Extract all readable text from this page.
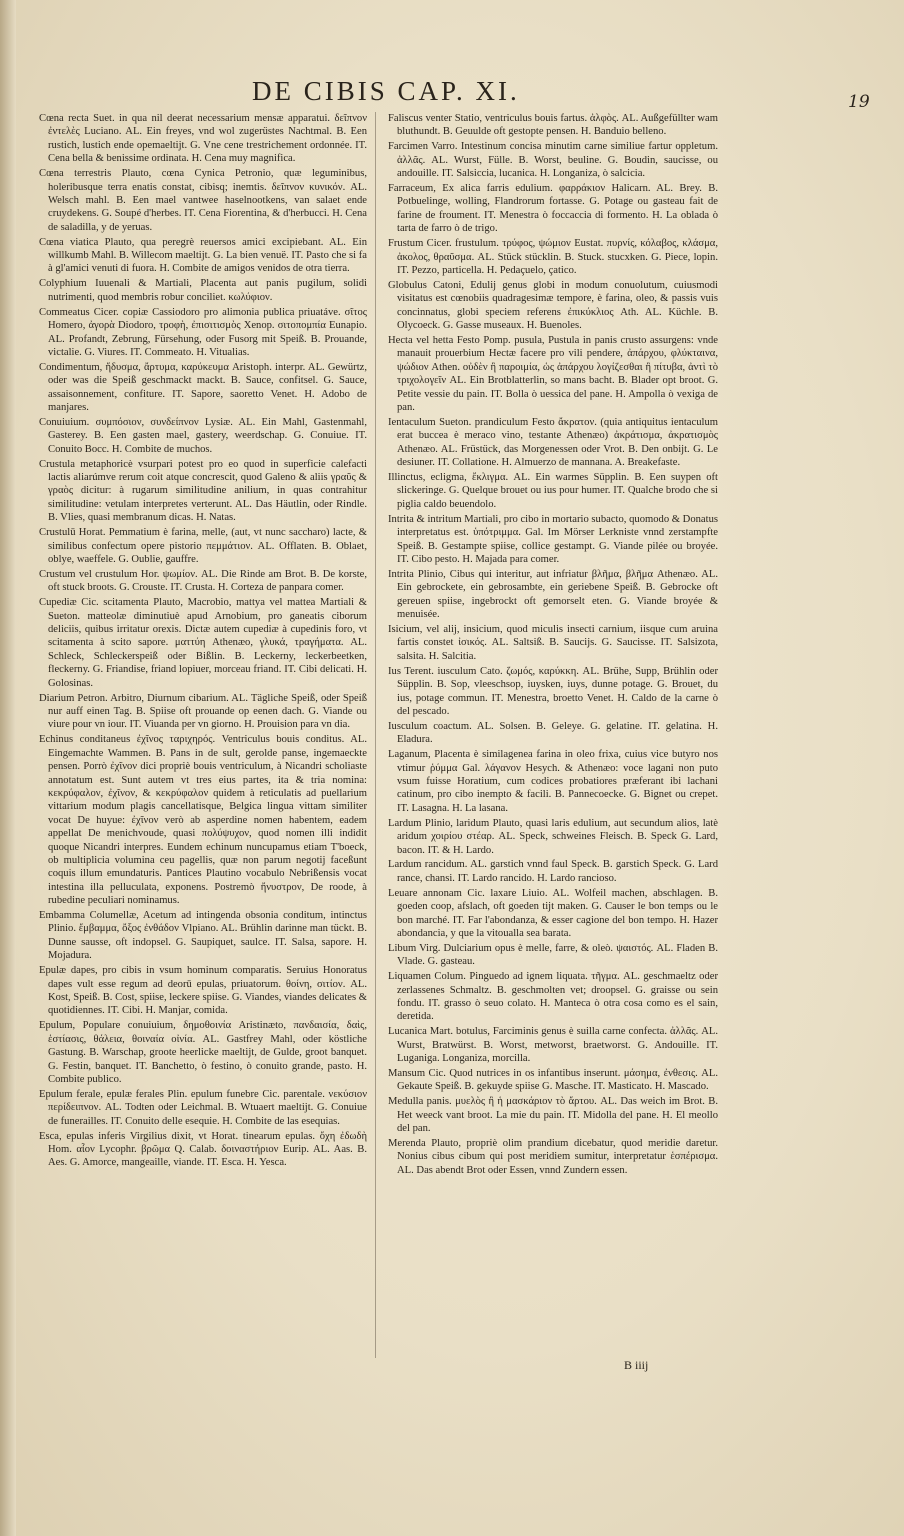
DE CIBIS CAP. XI.	19

Cœna recta Suet. in qua nil deerat necessarium mensæ apparatui. δεῖπνον ἐντελὲς Luciano. AL. Ein freyes, vnd wol zugerüstes Nachtmal. B. Een rustich, lustich ende opemaeltijt. G. Vne cene trestrichement ordonnée. IT. Cena bella & benissime ordinata. H. Cena muy magnifica.

Cœna terrestris Plauto, cœna Cynica Petronio, quæ leguminibus, holeribusque terra enatis constat, cibisq; inemtis. δεῖπνον κυνικόν. AL. Welsch mahl. B. Een mael vantwee haselnootkens, van salaet ende cruydekens. G. Soupé d'herbes. IT. Cena Fiorentina, & d'herbucci. H. Cena de saladilla, y de yeruas.

Cœna viatica Plauto, qua peregrè reuersos amici excipiebant. AL. Ein willkumb Mahl. B. Willecom maeltijt. G. La bien venuë. IT. Pasto che si fa à gl'amici venuti di fuora. H. Combite de amigos venidos de otra tierra.

Colyphium Iuuenali & Martiali, Placenta aut panis pugilum, solidi nutrimenti, quod membris robur conciliet. κωλύφιον.

Commeatus Cicer. copiæ Cassiodoro pro alimonia publica priuatáve. σῖτος Homero, ἀγορὰ Diodoro, τροφὴ, ἐπισιτισμὸς Xenop. σιτοπομπία Eunapio. AL. Profandt, Zebrung, Fürsehung, oder Fusorg mit Speiß. B. Prouande, victalie. G. Viures. IT. Commeato. H. Vitualias.

Condimentum, ἥδυσμα, ἄρτυμα, καρύκευμα Aristoph. interpr. AL. Gewürtz, oder was die Speiß geschmackt mackt. B. Sauce, confitsel. G. Sauce, assaisonnement, confiture. IT. Sapore, saoretto Venet. H. Adobo de manjares.

Conuiuium. συμπόσιον, συνδείπνον Lysiæ. AL. Ein Mahl, Gastenmahl, Gasterey. B. Een gasten mael, gastery, weerdschap. G. Conuiue. IT. Conuito Bocc. H. Combite de muchos.

Crustula metaphoricè vsurpari potest pro eo quod in superficie calefacti lactis aliarúmve rerum coit atque concrescit, quod Galeno & aliis γραῦς & γραὸς dicitur: à rugarum similitudine anilium, in quas contrahitur similitudine: vetulam interpretes verterunt. AL. Das Häutlin, oder Rindle. B. Vlies, quasi membranum dicas. H. Natas.

Crustulū Horat. Pemmatium è farina, melle, (aut, vt nunc saccharo) lacte, & similibus confectum opere pistorio πεμμάτιον. AL. Offlaten. B. Oblaet, oblye, waeffele. G. Oublie, gauffre.

Crustum vel crustulum Hor. ψωμίον. AL. Die Rinde am Brot. B. De korste, oft stuck broots. G. Crouste. IT. Crusta. H. Corteza de panpara comer.

Cupediæ Cic. scitamenta Plauto, Macrobio, mattya vel mattea Martiali & Sueton. matteolæ diminutiuè apud Arnobium, pro ganeatis ciborum deliciis, quibus irritatur orexis. Dictæ autem cupediæ à cupedinis foro, vt scitamenta à scito sapore. ματτύη Athenæo, γλυκά, τραγήματα. AL. Schleck, Schleckerspeiß oder Bißlin. B. Leckerny, leckerbeetken, fleckerny. G. Friandise, friand lopiuer, morceau friand. IT. Cibi delicati. H. Golosinas.

Diarium Petron. Arbitro, Diurnum cibarium. AL. Tägliche Speiß, oder Speiß nur auff einen Tag. B. Spiise oft prouande op eenen dach. G. Viande ou viure pour vn iour. IT. Viuanda per vn giorno. H. Prouision para vn dia.

Echinus conditaneus ἐχῖνος ταριχηρός. Ventriculus bouis conditus. AL. Eingemachte Wammen. B. Pans in de sult, gerolde panse, ingemaeckte pensen. Porrò ἐχῖνον dici propriè bouis ventriculum, à Nicandri scholiaste annotatum est. Sunt autem vt tres eius partes, ita & tria nomina: κεκρύφαλον, ἐχῖνον, & κεκρύφαλον quidem à reticulatis ad puellarium vittarium modum plagis cancellatisque, Belgica lingua vittam similiter vocat De huyue: ἐχῖνον verò ab asperdine nomen habentem, eadem appellat De menichvoude, quasi πολύψυχον, quod nomen illi indidit quoque Nicandri interpres. Eundem echinum nuncupamus etiam T'boeck, ob multiplicia volumina ceu pagellis, quæ non parum negotij faceßunt coquis illum emundaturis. Pantices Plautino vocabulo Nebrißensis vocat intestina illa pelluculata, exponens. Postremò ἤνυστρον, De roode, à rubedine peculiari nominamus.

Embamma Columellæ, Acetum ad intingenda obsonia conditum, intinctus Plinio. ἔμβαμμα, ὄξος ἐνθάδον Vlpiano. AL. Brühlin darinne man tückt. B. Dunne sausse, oft indopsel. G. Saupiquet, saulce. IT. Salsa, sapore. H. Mojadura.

Epulæ dapes, pro cibis in vsum hominum comparatis. Seruius Honoratus dapes vult esse regum ad deorū epulas, priuatorum. θοίνη, σιτίον. AL. Kost, Speiß. B. Cost, spiise, leckere spiise. G. Viandes, viandes delicates & quotidiennes. IT. Cibi. H. Manjar, comida.

Epulum, Populare conuiuium, δημοθοινία Aristinæto, πανδαισία, δαὶς, ἑστίασις, θάλεια, θοιναία οἰνία. AL. Gastfrey Mahl, oder köstliche Gastung. B. Warschap, groote heerlicke maeltijt, de Gulde, groot banquet. G. Festin, banquet. IT. Banchetto, ò festino, ò conuito grande, pasto. H. Combite publico.

Epulum ferale, epulæ ferales Plin. epulum funebre Cic. parentale. νεκύσιον περίδειπνον. AL. Todten oder Leichmal. B. Wtuaert maeltijt. G. Conuiue de funerailles. IT. Conuito delle esequie. H. Combite de las esequias.

Esca, epulas inferis Virgilius dixit, vt Horat. tinearum epulas. ὄχη ἐδωδὴ Hom. αἶον Lycophr. βρῶμα Q. Calab. δοιναστήριον Eurip. AL. Aas. B. Aes. G. Amorce, mangeaille, viande. IT. Esca. H. Yesca.

Faliscus venter Statio, ventriculus bouis fartus. ἀλφὸς. AL. Außgefüllter wam bluthundt. B. Geuulde oft gestopte pensen. H. Banduio belleno.

Farcimen Varro. Intestinum concisa minutim carne similiue fartur oppletum. ἀλλᾶς. AL. Wurst, Fülle. B. Worst, beuline. G. Boudin, saucisse, ou andouille. IT. Salsiccia, lucanica. H. Longaniza, ò salcicia.

Farraceum, Ex alica farris edulium. φαρράκιον Halicarn. AL. Brey. B. Potbuelinge, wolling, Flandrorum fortasse. G. Potage ou gasteau fait de farine de froument. IT. Menestra ò foccaccia di formento. H. La oblada ò tarta de farro ò de trigo.

Frustum Cicer. frustulum. τρύφος, ψώμιον Eustat. πυρνίς, κόλαβος, κλάσμα, ἀκολος, θραῦσμα. AL. Stück stücklin. B. Stuck. stucxken. G. Piece, lopin. IT. Pezzo, particella. H. Pedaçuelo, çatico.

Globulus Catoni, Edulij genus globi in modum conuolutum, cuiusmodi visitatus est cœnobiis quadragesimæ tempore, è farina, oleo, & passis vuis concinnatus, globi speciem referens ἐπικύκλιος Ath. AL. Küchle. B. Olycoeck. G. Gasse museaux. H. Buenoles.

Hecta vel hetta Festo Pomp. pusula, Pustula in panis crusto assurgens: vnde manauit prouerbium Hectæ facere pro vili pendere, ἀπάρχου, φλύκταινα, ψώδιον Athen. οὐδὲν ἢ παροιμία, ὡς ἀπάρχου λογίζεσθαι ἢ πίτυβα, ἀντὶ τὸ τριχολογεῖν AL. Ein Brotblatterlin, so mans bacht. B. Blader opt broot. G. Petite vessie du pain. IT. Bolla ò uessica del pane. H. Ampolla ò vexiga de pan.

Ientaculum Sueton. prandiculum Festo ἄκρατον. (quia antiquitus ientaculum erat buccea è meraco vino, testante Athenæo) ἀκράτισμα, ἀκρατισμὸς Athenæo. AL. Früstück, das Morgenessen oder Vrot. B. Den onbijt. G. Le desiuner. IT. Collatione. H. Almuerzo de mannana. A. Breakefaste.

Illinctus, ecligma, ἔκλιγμα. AL. Ein warmes Süpplin. B. Een suypen oft slickeringe. G. Quelque brouet ou ius pour humer. IT. Qualche brodo che si piglia caldo beuendolo.

Intrita & intritum Martiali, pro cibo in mortario subacto, quomodo & Donatus interpretatus est. ὑπότριμμα. Gal. Im Mörser Lerkniste vnnd zerstampfte Speiß. B. Gestampte spiise, collice gestampt. G. Viande pilée ou broyée. IT. Cibo pesto. H. Majada para comer.

Intrita Plinio, Cibus qui interitur, aut infriatur βλῆμα, βλῆμα Athenæo. AL. Ein gebrockete, ein gebrosambte, ein geriebene Speiß. B. Gebrocke oft gereuen spiise, ingebrockt oft gemorselt eten. G. Viande broyée & menuisée.

Isicium, vel alij, insicium, quod miculis insecti carnium, iisque cum aruina fartis constet ἰσικός. AL. Saltsiß. B. Saucijs. G. Saucisse. IT. Salsizota, salsita. H. Salcitia.

Ius Terent. iusculum Cato. ζωμός, καρύκκη. AL. Brühe, Supp, Brühlin oder Süpplin. B. Sop, vleeschsop, iuysken, iuys, dunne potage. G. Brouet, du ius, potage commun. IT. Menestra, broetto Venet. H. Caldo de la carne ò del pescado.

Iusculum coactum. AL. Solsen. B. Geleye. G. gelatine. IT. gelatina. H. Eladura.

Laganum, Placenta è similagenea farina in oleo frixa, cuius vice butyro nos vtimur ῥύμμα Gal. λάγανον Hesych. & Athenæo: voce lagani non puto vsum fuisse Horatium, cum codices probatiores præferant ibi lachani catinum, pro cibo inempto & facili. B. Pannecoecke. G. Bignet ou crepet. IT. Lasagna. H. La lasana.

Lardum Plinio, laridum Plauto, quasi laris edulium, aut secundum alios, latè aridum χοιρίου στέαρ. AL. Speck, schweines Fleisch. B. Speck G. Lard, bacon. IT. & H. Lardo.

Lardum rancidum. AL. garstich vnnd faul Speck. B. garstich Speck. G. Lard rance, chansi. IT. Lardo rancido. H. Lardo rancioso.

Leuare annonam Cic. laxare Liuio. AL. Wolfeil machen, abschlagen. B. goeden coop, afslach, oft goeden tijt maken. G. Causer le bon temps ou le bon marché. IT. Far l'abondanza, & esser cagione del bon tempo. H. Hazer abondancia, y que la vitoualla sea barata.

Libum Virg. Dulciarium opus è melle, farre, & oleò. ψαιστός. AL. Fladen B. Vlade. G. gasteau.

Liquamen Colum. Pinguedo ad ignem liquata. τῆγμα. AL. geschmaeltz oder zerlassenes Schmaltz. B. geschmolten vet; droopsel. G. graisse ou sein fondu. IT. grasso ò seuo colato. H. Manteca ò otra cosa como es el sain, deretida.

Lucanica Mart. botulus, Farciminis genus è suilla carne confecta. ἀλλᾶς. AL. Wurst, Bratwürst. B. Worst, metworst, braetworst. G. Andouille. IT. Luganiga. Longaniza, morcilla.

Mansum Cic. Quod nutrices in os infantibus inserunt. μάσημα, ἐνθεσις. AL. Gekaute Speiß. B. gekuyde spiise G. Masche. IT. Masticato. H. Mascado.

Medulla panis. μυελὸς ἢ ἡ μασκάριον τὸ ἄρτου. AL. Das weich im Brot. B. Het weeck vant broot. La mie du pain. IT. Midolla del pane. H. El meollo del pan.

Merenda Plauto, propriè olim prandium dicebatur, quod meridie daretur. Nonius cibus cibum qui post meridiem sumitur, interpretatur ἑσπέρισμα. AL. Das abendt Brot oder Essen, vnnd Zundern essen.

B iiij
